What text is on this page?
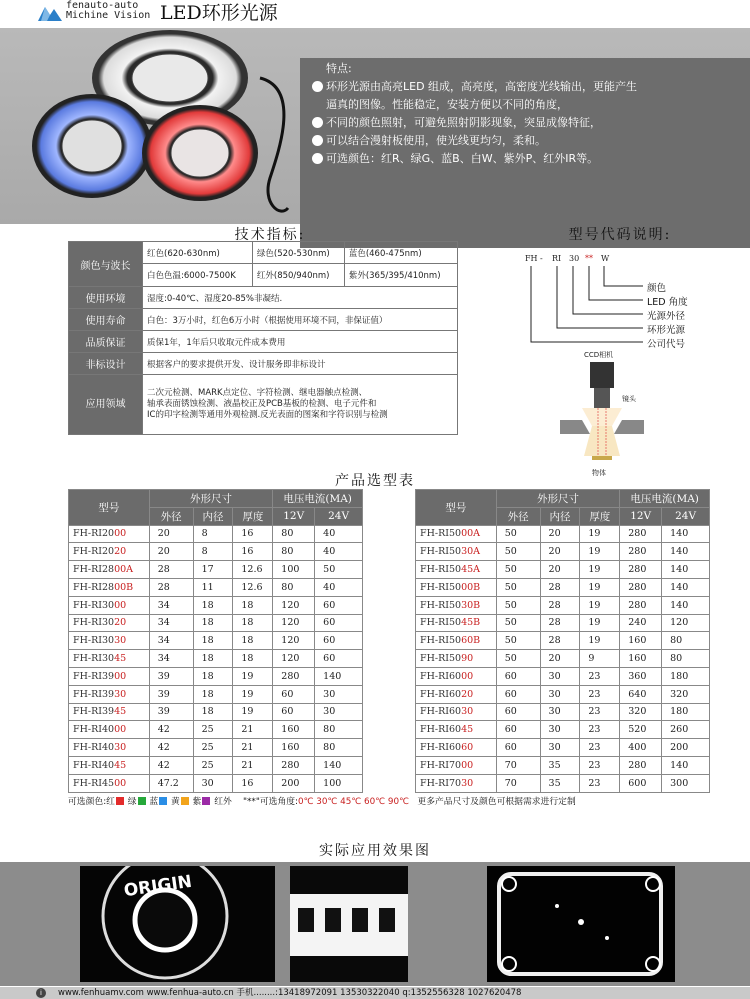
fenauto-auto
Michine Vision LED环形光源
特点:

环形光源由高亮LED 组成，高亮度，高密度光线输出，更能产生

逼真的图像。性能稳定，安装方便以不同的角度，

不同的颜色照射，可避免照射阴影现象，突显成像特征，

可以结合漫射板使用，使光线更均匀，柔和。

可选颜色：红R、绿G、蓝B、白W、紫外P、红外IR等。

技术指标:
颜色与波长	红色(620-630nm)	绿色(520-530nm)	蓝色(460-475nm)
	白色色温:6000-7500K	红外(850/940nm)	紫外(365/395/410nm)
使用环境	湿度:0-40℃、湿度20-85%非凝结.		
使用寿命	白色：3万小时，红色6万小时（根据使用环境不同，非保证值）		
品质保证	质保1年，1年后只收取元件成本费用		
非标设计	根据客户的要求提供开发、设计服务即非标设计		
应用领域	二次元检测、MARK点定位、字符检测、继电器触点检测、
轴承表面锈蚀检测、液晶校正及PCB基板的检测、电子元件和
IC的印字检测等通用外观检测.反光表面的图案和字符识别与检测		
型号代码说明:
FH - RI 30 ** W
颜色
LED 角度
光源外径
环形光源
公司代号
CCD相机
镜头
物体
产品选型表
型号	外形尺寸			电压电流(MA)	
	外径	内径	厚度	12V	24V
FH-RI2000	20	8	16	80	40
FH-RI2020	20	8	16	80	40
FH-RI2800A	28	17	12.6	100	50
FH-RI2800B	28	11	12.6	80	40
FH-RI3000	34	18	18	120	60
FH-RI3020	34	18	18	120	60
FH-RI3030	34	18	18	120	60
FH-RI3045	34	18	18	120	60
FH-RI3900	39	18	19	280	140
FH-RI3930	39	18	19	60	30
FH-RI3945	39	18	19	60	30
FH-RI4000	42	25	21	160	80
FH-RI4030	42	25	21	160	80
FH-RI4045	42	25	21	280	140
FH-RI4500	47.2	30	16	200	100
型号	外形尺寸			电压电流(MA)	
	外径	内径	厚度	12V	24V
FH-RI5000A	50	20	19	280	140
FH-RI5030A	50	20	19	280	140
FH-RI5045A	50	20	19	280	140
FH-RI5000B	50	28	19	280	140
FH-RI5030B	50	28	19	280	140
FH-RI5045B	50	28	19	240	120
FH-RI5060B	50	28	19	160	80
FH-RI5090	50	20	9	160	80
FH-RI6000	60	30	23	360	180
FH-RI6020	60	30	23	640	320
FH-RI6030	60	30	23	320	180
FH-RI6045	60	30	23	520	260
FH-RI6060	60	30	23	400	200
FH-RI7000	70	35	23	280	140
FH-RI7030	70	35	23	600	300
可选颜色:红 绿 蓝 黄 紫 红外 "**"可选角度:0℃ 30℃ 45℃ 60℃ 90℃ 更多产品尺寸及颜色可根据需求进行定制
实际应用效果图
ORIGIN
i	www.fenhuamv.com www.fenhua-auto.cn 手机........:13418972091 13530322040 q:1352556328 1027620478
